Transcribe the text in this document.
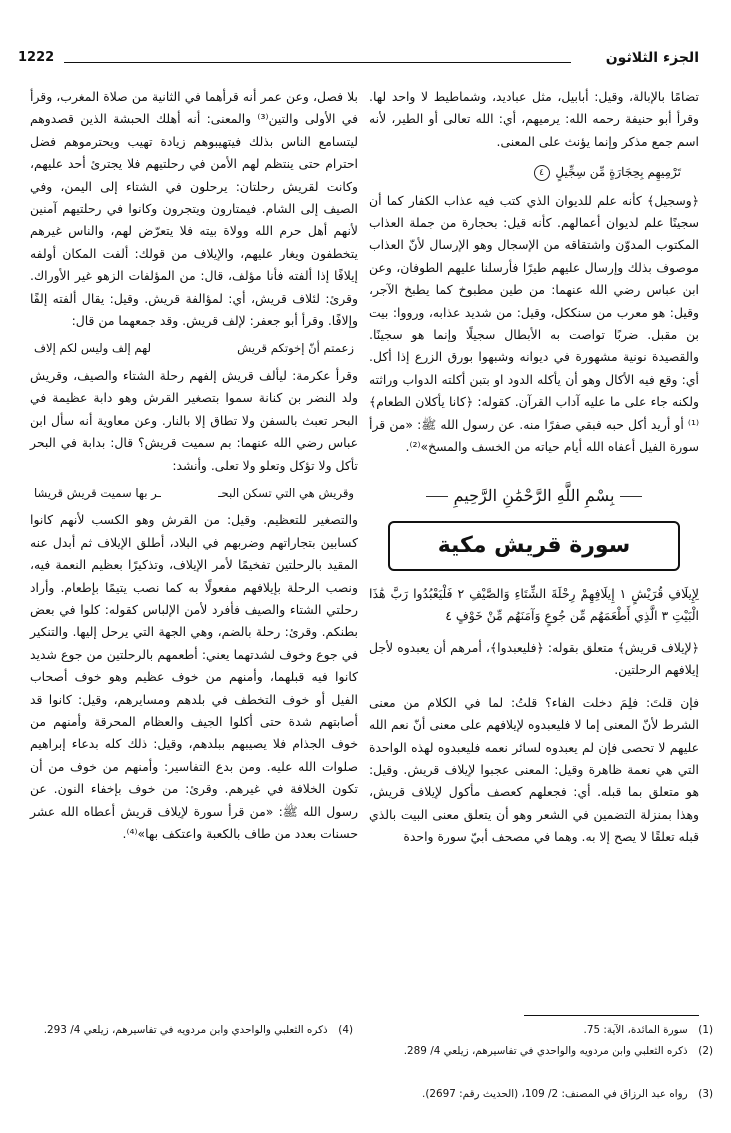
الجزء الثلاثون
1222

تضامًا بالإبالة، وقيل: أبابيل، مثل عباديد، وشماطيط لا واحد لها. وقرأ أبو حنيفة رحمه الله: يرميهم، أي: الله تعالى أو الطير، لأنه اسم جمع مذكر وإنما يؤنث على المعنى.

تَرْمِيهِم بِحِجَارَةٍ مِّن سِجِّيلٍ ٤

﴿وسجيل﴾ كأنه علم للديوان الذي كتب فيه عذاب الكفار كما أن سجينًا علم لديوان أعمالهم. كأنه قيل: بحجارة من جملة العذاب المكتوب المدوّن واشتقاقه من الإسجال وهو الإرسال لأنّ العذاب موصوف بذلك وإرسال عليهم طيرًا فأرسلنا عليهم الطوفان، وعن ابن عباس رضي الله عنهما: من طين مطبوخ كما يطبخ الآجر، وقيل: هو معرب من سنككل، وقيل: من شديد عذابه، ورووا: بيت بن مقبل. ضربًا تواصت به الأبطال سجيلًا وإنما هو سجينًا. والقصيدة نونية مشهورة في ديوانه وشبهوا بورق الزرع إذا أكل. أي: وقع فيه الأكال وهو أن يأكله الدود او بتبن أكلته الدواب وراثته ولكنه جاء على ما عليه آداب القرآن. كقوله: ﴿كانا يأكلان الطعام﴾⁽¹⁾ أو أريد أكل حبه فبقي صفرًا منه. عن رسول الله ﷺ: «من قرأ سورة الفيل أعفاه الله أيام حياته من الخسف والمسخ»⁽²⁾.

بِسْمِ اللَّهِ الرَّحْمَٰنِ الرَّحِيمِ
سورة قريش مكية
لِإِيلَافِ قُرَيْشٍ ١ إِيلَافِهِمْ رِحْلَةَ الشِّتَاءِ وَالصَّيْفِ ٢ فَلْيَعْبُدُوا رَبَّ هَٰذَا الْبَيْتِ ٣ الَّذِي أَطْعَمَهُم مِّن جُوعٍ وَآمَنَهُم مِّنْ خَوْفٍ ٤

﴿لإيلاف قريش﴾ متعلق بقوله: ﴿فليعبدوا﴾، أمرهم أن يعبدوه لأجل إيلافهم الرحلتين.

فإن قلتَ: فلِمَ دخلت الفاء؟ قلتُ: لما في الكلام من معنى الشرط لأنّ المعنى إما لا فليعبدوه لإيلافهم على معنى أنّ نعم الله عليهم لا تحصى فإن لم يعبدوه لسائر نعمه فليعبدوه لهذه الواحدة التي هي نعمة ظاهرة وقيل: المعنى عجبوا لإيلاف قريش. وقيل: هو متعلق بما قبله. أي: فجعلهم كعصف مأكول لإيلاف قريش، وهذا بمنزلة التضمين في الشعر وهو أن يتعلق معنى البيت بالذي قبله تعلقًا لا يصح إلا به. وهما في مصحف أبيّ سورة واحدة

بلا فصل، وعن عمر أنه قرأهما في الثانية من صلاة المغرب، وقرأ في الأولى والتين⁽³⁾ والمعنى: أنه أهلك الحبشة الذين قصدوهم ليتسامع الناس بذلك فيتهيبوهم زيادة تهيب ويحترموهم فضل احترام حتى ينتظم لهم الأمن في رحلتيهم فلا يجترئ أحد عليهم، وكانت لقريش رحلتان: يرحلون في الشتاء إلى اليمن، وفي الصيف إلى الشام. فيمتارون ويتجرون وكانوا في رحلتيهم آمنين لأنهم أهل حرم الله وولاة بيته فلا يتعرّض لهم، والناس غيرهم يتخطفون ويغار عليهم، والإيلاف من قولك: ألفت المكان أولفه إيلافًا إذا ألفته فأنا مؤلف، قال: من المؤلفات الزهو غير الأوراك. وقرئ: لئلاف قريش، أي: لمؤالفة قريش. وقيل: يقال ألفته إلفًا وإلافًا. وقرأ أبو جعفر: لإلف قريش. وقد جمعهما من قال:

زعمتم أنّ إخوتكم قريش
لهم إلف وليس لكم إلاف

وقرأ عكرمة: ليألف قريش إلفهم رحلة الشتاء والصيف، وقريش ولد النضر بن كنانة سموا بتصغير القرش وهو دابة عظيمة في البحر تعبث بالسفن ولا تطاق إلا بالنار. وعن معاوية أنه سأل ابن عباس رضي الله عنهما: بم سميت قريش؟ قال: بدابة في البحر تأكل ولا تؤكل وتعلو ولا تعلى. وأنشد:

وقريش هي التي تسكن البحـ
ـر بها سميت قريش قريشا

والتصغير للتعظيم. وقيل: من القرش وهو الكسب لأنهم كانوا كسابين بتجاراتهم وضربهم في البلاد، أطلق الإيلاف ثم أبدل عنه المقيد بالرحلتين تفخيمًا لأمر الإيلاف، وتذكيرًا بعظيم النعمة فيه، ونصب الرحلة بإيلافهم مفعولًا به كما نصب يتيمًا بإطعام. وأراد رحلتي الشتاء والصيف فأفرد لأمن الإلباس كقوله: كلوا في بعض بطنكم. وقرئ: رحلة بالضم، وهي الجهة التي يرحل إليها. والتنكير في جوع وخوف لشدتهما يعني: أطعمهم بالرحلتين من جوع شديد كانوا فيه قبلهما، وأمنهم من خوف عظيم وهو خوف أصحاب الفيل أو خوف التخطف في بلدهم ومسايرهم، وقيل: كانوا قد أصابتهم شدة حتى أكلوا الجيف والعظام المحرقة وأمنهم من خوف الجذام فلا يصيبهم ببلدهم، وقيل: ذلك كله بدعاء إبراهيم صلوات الله عليه. ومن بدع التفاسير: وأمنهم من خوف من أن تكون الخلافة في غيرهم. وقرئ: من خوف بإخفاء النون. عن رسول الله ﷺ: «من قرأ سورة لإيلاف قريش أعطاه الله عشر حسنات بعدد من طاف بالكعبة واعتكف بها»⁽⁴⁾.

(1) سورة المائدة، الآية: 75.
(2) ذكره الثعلبي وابن مردويه والواحدي في تفاسيرهم، زيلعي 4/ 289.
(3) رواه عبد الرزاق في المصنف: 2/ 109، (الحديث رقم: 2697).
(4) ذكره الثعلبي والواحدي وابن مردويه في تفاسيرهم، زيلعي 4/ 293.
